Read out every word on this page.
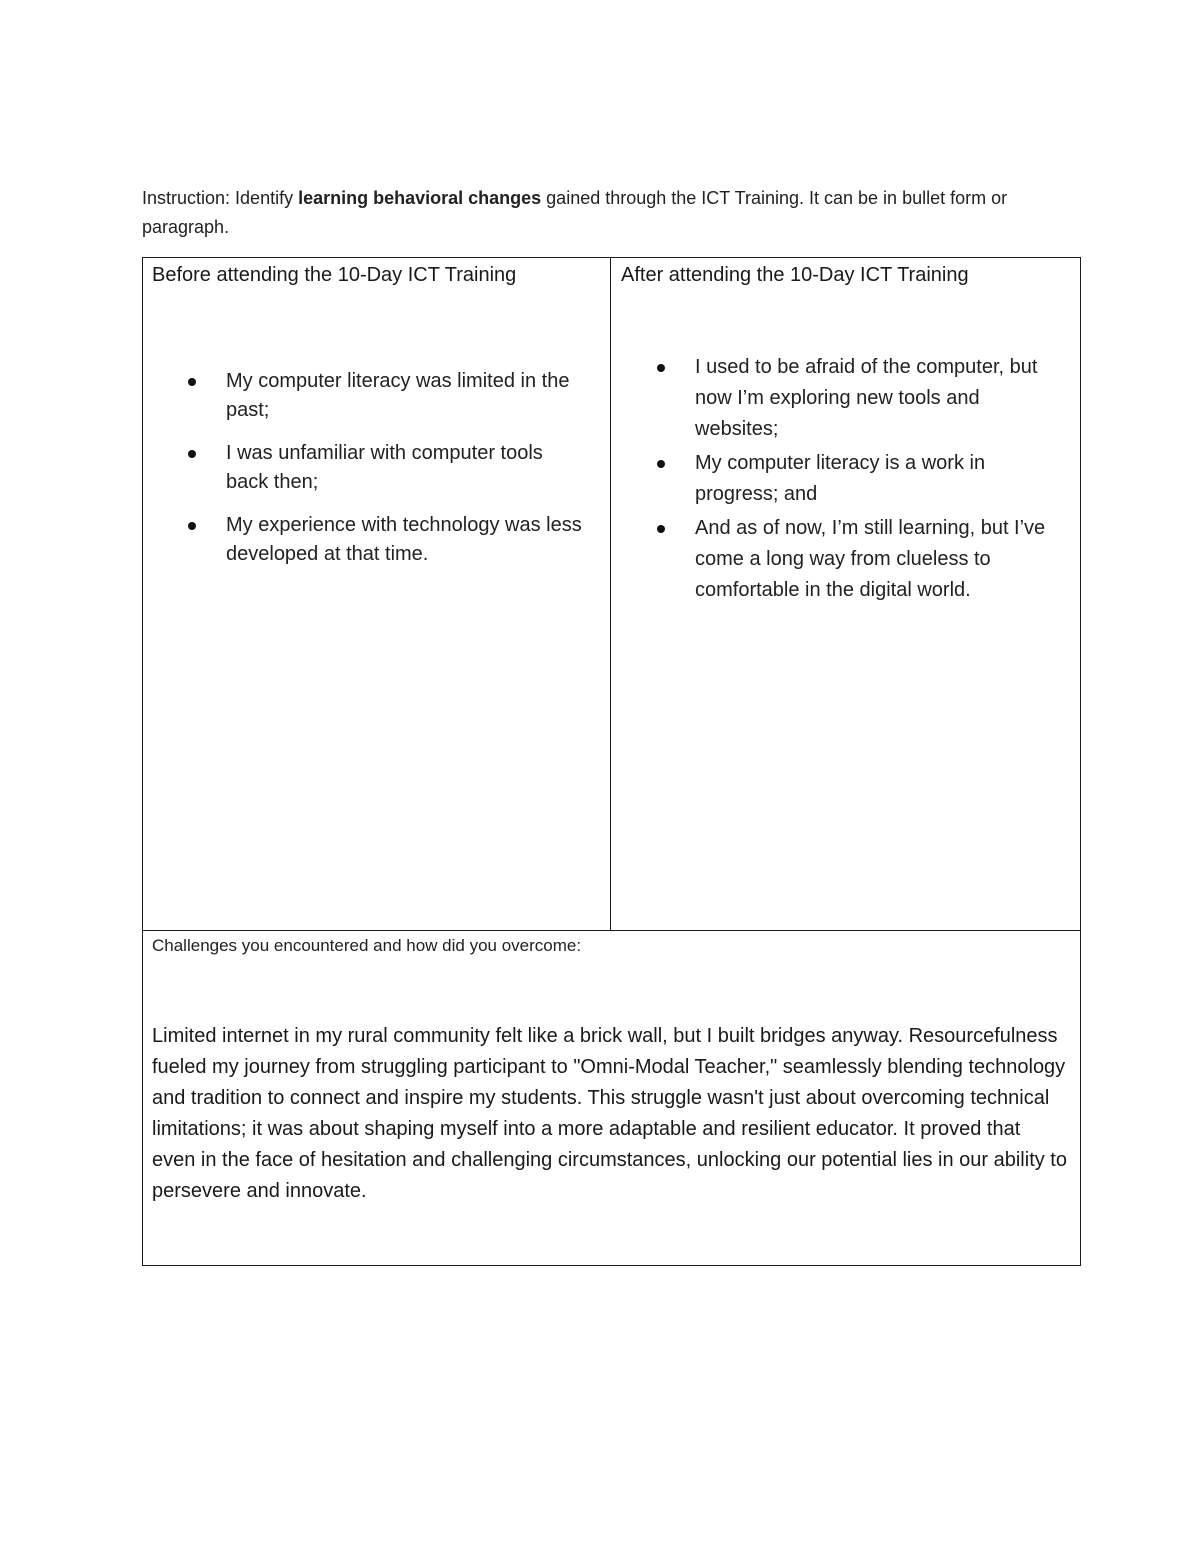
Instruction: Identify learning behavioral changes gained through the ICT Training. It can be in bullet form or paragraph.
Before attending the 10-Day ICT Training
My computer literacy was limited in the past;
I was unfamiliar with computer tools back then;
My experience with technology was less developed at that time.
After attending the 10-Day ICT Training
I used to be afraid of the computer, but now I’m exploring new tools and websites;
My computer literacy is a work in progress; and
And as of now, I’m still learning, but I’ve come a long way from clueless to comfortable in the digital world.
Challenges you encountered and how did you overcome:
Limited internet in my rural community felt like a brick wall, but I built bridges anyway. Resourcefulness fueled my journey from struggling participant to "Omni-Modal Teacher," seamlessly blending technology and tradition to connect and inspire my students. This struggle wasn't just about overcoming technical limitations; it was about shaping myself into a more adaptable and resilient educator. It proved that even in the face of hesitation and challenging circumstances, unlocking our potential lies in our ability to persevere and innovate.
